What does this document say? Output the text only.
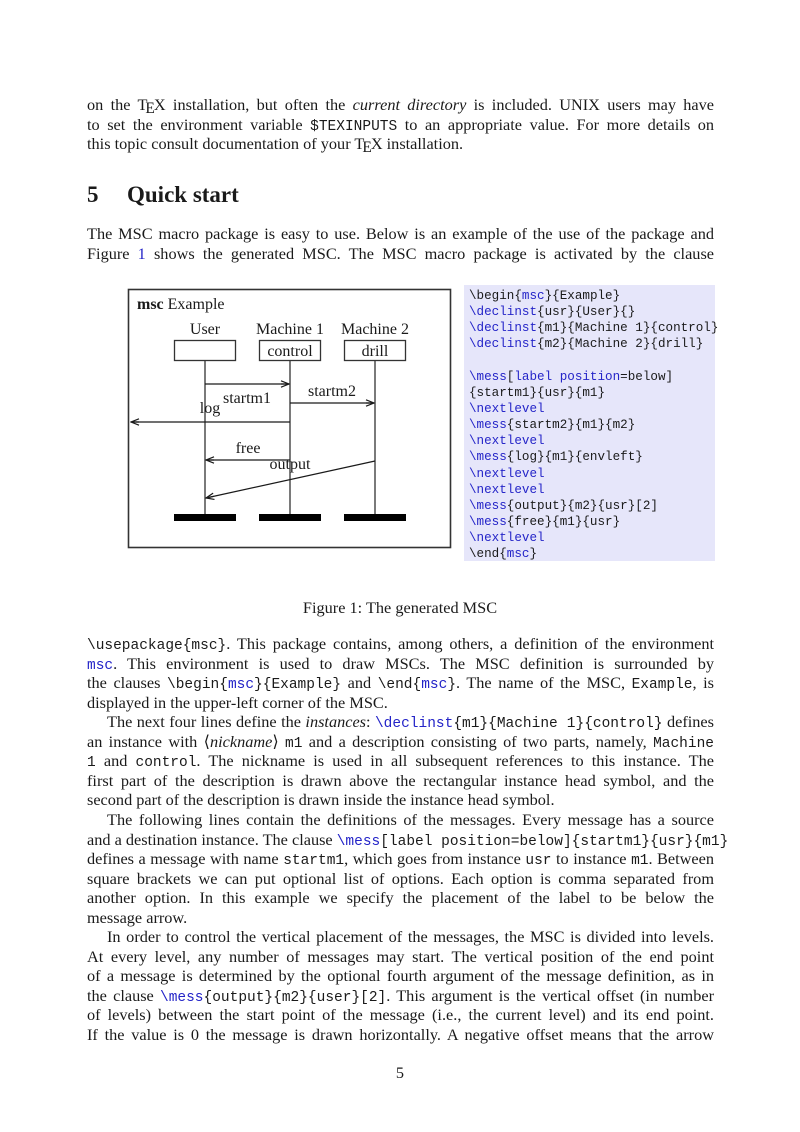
on the TEX installation, but often the current directory is included. UNIX users may have
to set the environment variable $TEXINPUTS to an appropriate value. For more details on
this topic consult documentation of your TEX installation.
5 Quick start
The MSC macro package is easy to use. Below is an example of the use of the package and
Figure 1 shows the generated MSC. The MSC macro package is activated by the clause
msc Example
User Machine 1 Machine 2
control	drill
startm1 startm2
log
free
output
\begin{msc}{Example}
\declinst{usr}{User}{}
\declinst{m1}{Machine 1}{control}
\declinst{m2}{Machine 2}{drill}
\mess[label position=below]
{startm1}{usr}{m1}
\nextlevel
\mess{startm2}{m1}{m2}
\nextlevel
\mess{log}{m1}{envleft}
\nextlevel
\nextlevel
\mess{output}{m2}{usr}[2]
\mess{free}{m1}{usr}
\nextlevel
\end{msc}

Figure 1: The generated MSC

\usepackage{msc}. This package contains, among others, a definition of the environment
msc. This environment is used to draw MSCs. The MSC definition is surrounded by
the clauses \begin{msc}{Example} and \end{msc}. The name of the MSC, Example, is
displayed in the upper-left corner of the MSC.
The next four lines define the instances: \declinst{m1}{Machine 1}{control} defines
an instance with ⟨nickname⟩ m1 and a description consisting of two parts, namely, Machine
1 and control. The nickname is used in all subsequent references to this instance. The
first part of the description is drawn above the rectangular instance head symbol, and the
second part of the description is drawn inside the instance head symbol.
The following lines contain the definitions of the messages. Every message has a source
and a destination instance. The clause \mess[label position=below]{startm1}{usr}{m1}
defines a message with name startm1, which goes from instance usr to instance m1. Between
square brackets we can put optional list of options. Each option is comma separated from
another option. In this example we specify the placement of the label to be below the
message arrow.
In order to control the vertical placement of the messages, the MSC is divided into levels.
At every level, any number of messages may start. The vertical position of the end point
of a message is determined by the optional fourth argument of the message definition, as in
the clause \mess{output}{m2}{user}[2]. This argument is the vertical offset (in number
of levels) between the start point of the message (i.e., the current level) and its end point.
If the value is 0 the message is drawn horizontally. A negative offset means that the arrow
5
